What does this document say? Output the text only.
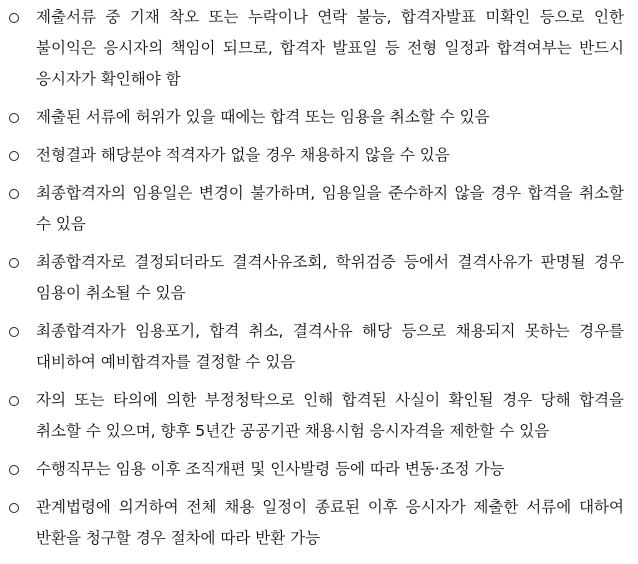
제출서류 중 기재 착오 또는 누락이나 연락 불능, 합격자발표 미확인 등으로 인한 불이익은 응시자의 책임이 되므로, 합격자 발표일 등 전형 일정과 합격여부는 반드시 응시자가 확인해야 함
제출된 서류에 허위가 있을 때에는 합격 또는 임용을 취소할 수 있음
전형결과 해당분야 적격자가 없을 경우 채용하지 않을 수 있음
최종합격자의 임용일은 변경이 불가하며, 임용일을 준수하지 않을 경우 합격을 취소할 수 있음
최종합격자로 결정되더라도 결격사유조회, 학위검증 등에서 결격사유가 판명될 경우 임용이 취소될 수 있음
최종합격자가 임용포기, 합격 취소, 결격사유 해당 등으로 채용되지 못하는 경우를 대비하여 예비합격자를 결정할 수 있음
자의 또는 타의에 의한 부정청탁으로 인해 합격된 사실이 확인될 경우 당해 합격을 취소할 수 있으며, 향후 5년간 공공기관 채용시험 응시자격을 제한할 수 있음
수행직무는 임용 이후 조직개편 및 인사발령 등에 따라 변동·조정 가능
관계법령에 의거하여 전체 채용 일정이 종료된 이후 응시자가 제출한 서류에 대하여 반환을 청구할 경우 절차에 따라 반환 가능
